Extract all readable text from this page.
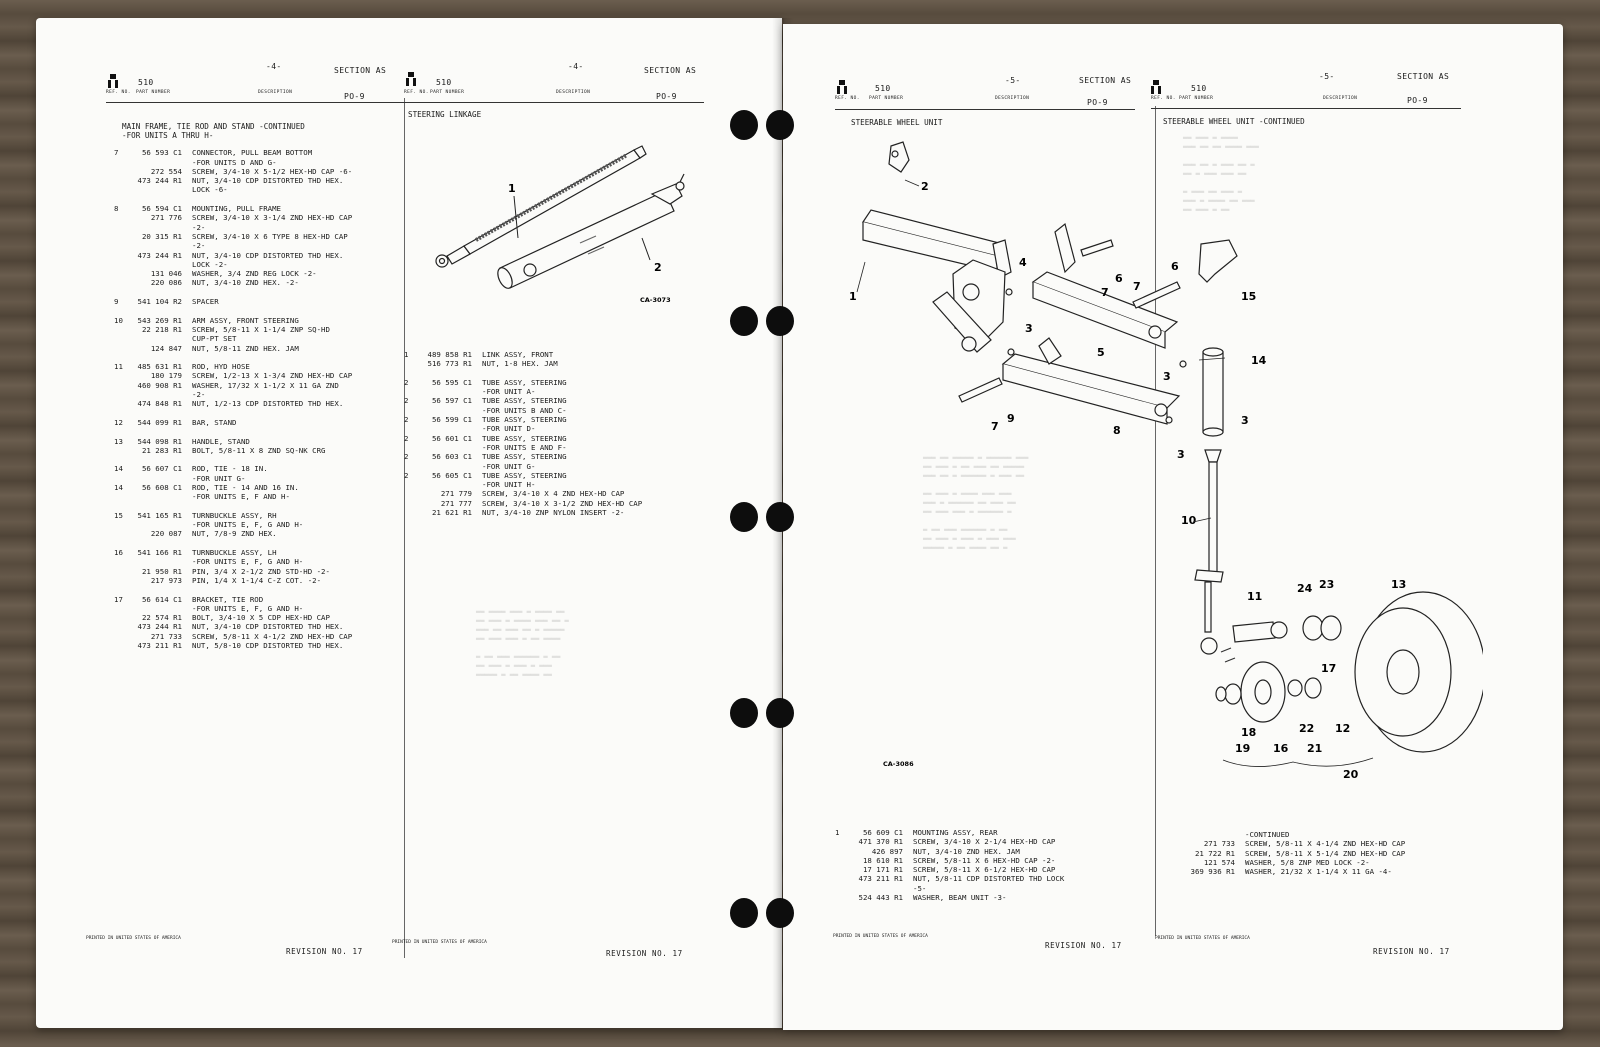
510
-4-	SECTION AS
REF. NO. PART NUMBER	DESCRIPTION	PO-9
MAIN FRAME, TIE ROD AND STAND -CONTINUED
-FOR UNITS A THRU H-
7	56 593 C1 CONNECTOR, PULL BEAM BOTTOM
-FOR UNITS D AND G-
272 554 SCREW, 3/4-10 X 5-1/2 HEX-HD CAP -6-
473 244 R1 NUT, 3/4-10 CDP DISTORTED THD HEX.
LOCK -6-
8	56 594 C1 MOUNTING, PULL FRAME
271 776 SCREW, 3/4-10 X 3-1/4 ZND HEX-HD CAP
-2-
20 315 R1 SCREW, 3/4-10 X 6 TYPE 8 HEX-HD CAP
-2-
473 244 R1 NUT, 3/4-10 CDP DISTORTED THD HEX.
LOCK -2-
131 046 WASHER, 3/4 ZND REG LOCK -2-
220 086 NUT, 3/4-10 ZND HEX. -2-
9	541 104 R2 SPACER
10	543 269 R1 ARM ASSY, FRONT STEERING
22 218 R1 SCREW, 5/8-11 X 1-1/4 ZNP SQ-HD
CUP-PT SET
124 847 NUT, 5/8-11 ZND HEX. JAM
11	485 631 R1 ROD, HYD HOSE
180 179 SCREW, 1/2-13 X 1-3/4 ZND HEX-HD CAP
460 908 R1 WASHER, 17/32 X 1-1/2 X 11 GA ZND
-2-
474 848 R1 NUT, 1/2-13 CDP DISTORTED THD HEX.
12	544 099 R1 BAR, STAND
13	544 098 R1 HANDLE, STAND
21 283 R1 BOLT, 5/8-11 X 8 ZND SQ-NK CRG
14	56 607 C1 ROD, TIE - 18 IN.
-FOR UNIT G-
14	56 608 C1 ROD, TIE - 14 AND 16 IN.
-FOR UNITS E, F AND H-
15	541 165 R1 TURNBUCKLE ASSY, RH
-FOR UNITS E, F, G AND H-
220 087 NUT, 7/8-9 ZND HEX.
16	541 166 R1 TURNBUCKLE ASSY, LH
-FOR UNITS E, F, G AND H-
21 950 R1 PIN, 3/4 X 2-1/2 ZND STD-HD -2-
217 973 PIN, 1/4 X 1-1/4 C-Z COT. -2-
17	56 614 C1 BRACKET, TIE ROD
-FOR UNITS E, F, G AND H-
22 574 R1 BOLT, 3/4-10 X 5 CDP HEX-HD CAP
473 244 R1 NUT, 3/4-10 CDP DISTORTED THD HEX.
271 733 SCREW, 5/8-11 X 4-1/2 ZND HEX-HD CAP
473 211 R1 NUT, 5/8-10 CDP DISTORTED THD HEX.
510
-4-	SECTION AS
REF. NO. PART NUMBER	DESCRIPTION	PO-9
STEERING LINKAGE
1
2
CA-3073
1	489 858 R1 LINK ASSY, FRONT
516 773 R1 NUT, 1-8 HEX. JAM
2	56 595 C1 TUBE ASSY, STEERING
-FOR UNIT A-
2	56 597 C1 TUBE ASSY, STEERING
-FOR UNITS B AND C-
2	56 599 C1 TUBE ASSY, STEERING
-FOR UNIT D-
2	56 601 C1 TUBE ASSY, STEERING
-FOR UNITS E AND F-
2	56 603 C1 TUBE ASSY, STEERING
-FOR UNIT G-
2	56 605 C1 TUBE ASSY, STEERING
-FOR UNIT H-
271 779 SCREW, 3/4-10 X 4 ZND HEX-HD CAP
271 777 SCREW, 3/4-10 X 3-1/2 ZND HEX-HD CAP
21 621 R1 NUT, 3/4-10 ZNP NYLON INSERT -2-
══ ════ ═══ ═ ════ ══
══ ═══ ═ ════ ═══ ══ ═
═══ ══ ═══ ══ ═ ═════
══ ═══ ═══ ═ ══ ════

═ ══ ═══ ══════ ═ ══
══ ═══ ═ ═══ ═ ═══
═════ ═ ══ ════ ══
PRINTED IN UNITED STATES OF AMERICA
REVISION NO. 17
PRINTED IN UNITED STATES OF AMERICA
REVISION NO. 17
510
-5-	SECTION AS
REF. NO. PART NUMBER	DESCRIPTION	PO-9
STEERABLE WHEEL UNIT
510
-5-	SECTION AS
REF. NO. PART NUMBER	DESCRIPTION	PO-9
STEERABLE WHEEL UNIT -CONTINUED
═══ ══ ═════ ═ ══════ ═══
══ ═══ ═ ══ ═══ ══ ═════
═══ ══ ═ ══════ ═ ═══ ══

══ ═══ ═ ════ ═══ ═══
═══ ═ ══════ ══ ═══ ══
══ ═══ ═══ ═ ══════ ═

═ ══ ═══ ══════ ═ ══
══ ═══ ═ ═══ ═ ═══ ═══
═════ ═ ══ ════ ══ ═
══ ═══ ═ ════
═══ ══ ══ ════ ═══

═══ ══ ═ ═══ ══ ═
══ ═ ═══ ═══ ══

═ ═══ ══ ═══ ═
═══ ═ ════ ══ ═══
══ ═══ ═ ══

1
2
3
3
3
3
4
5
6
6
7 7
7	8
9
10
11
12
13
14
15
16
17
18
19
20
21
22
23
24
CA-3086
1	56 609 C1 MOUNTING ASSY, REAR
471 370 R1 SCREW, 3/4-10 X 2-1/4 HEX-HD CAP
426 897 NUT, 3/4-10 ZND HEX. JAM
18 610 R1 SCREW, 5/8-11 X 6 HEX-HD CAP -2-
17 171 R1 SCREW, 5/8-11 X 6-1/2 HEX-HD CAP
473 211 R1 NUT, 5/8-11 CDP DISTORTED THD LOCK
-5-
524 443 R1 WASHER, BEAM UNIT -3-
-CONTINUED
271 733 SCREW, 5/8-11 X 4-1/4 ZND HEX-HD CAP
21 722 R1 SCREW, 5/8-11 X 5-1/4 ZND HEX-HD CAP
121 574 WASHER, 5/8 ZNP MED LOCK -2-
369 936 R1 WASHER, 21/32 X 1-1/4 X 11 GA -4-
PRINTED IN UNITED STATES OF AMERICA
REVISION NO. 17
PRINTED IN UNITED STATES OF AMERICA
REVISION NO. 17
